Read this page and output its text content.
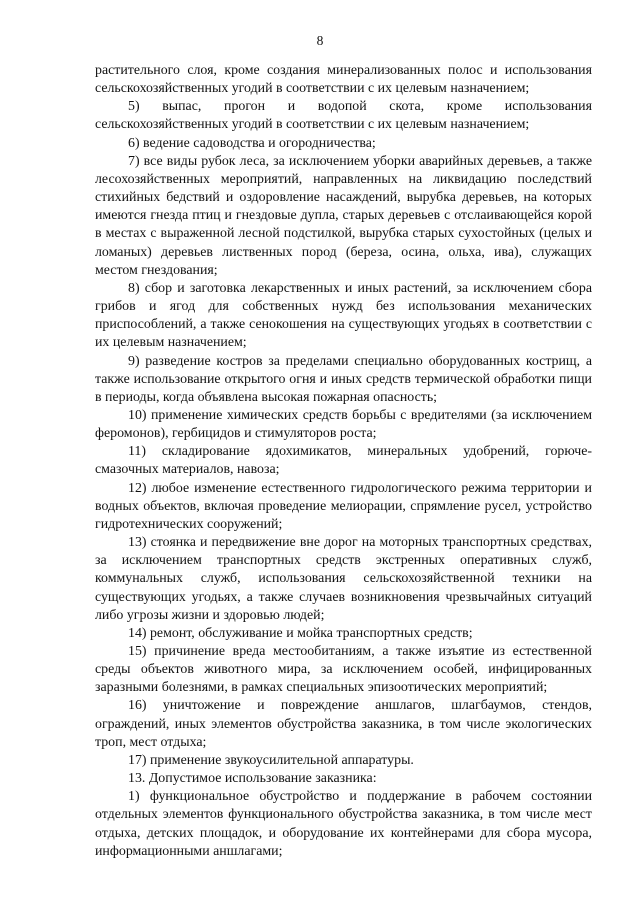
8

растительного слоя, кроме создания минерализованных полос и использования сельскохозяйственных угодий в соответствии с их целевым назначением;

5) выпас, прогон и водопой скота, кроме использования сельскохозяйственных угодий в соответствии с их целевым назначением;

6) ведение садоводства и огородничества;

7) все виды рубок леса, за исключением уборки аварийных деревьев, а также лесохозяйственных мероприятий, направленных на ликвидацию последствий стихийных бедствий и оздоровление насаждений, вырубка деревьев, на которых имеются гнезда птиц и гнездовые дупла, старых деревьев с отслаивающейся корой в местах с выраженной лесной подстилкой, вырубка старых сухостойных (целых и ломаных) деревьев лиственных пород (береза, осина, ольха, ива), служащих местом гнездования;

8) сбор и заготовка лекарственных и иных растений, за исключением сбора грибов и ягод для собственных нужд без использования механических приспособлений, а также сенокошения на существующих угодьях в соответствии с их целевым назначением;

9) разведение костров за пределами специально оборудованных кострищ, а также использование открытого огня и иных средств термической обработки пищи в периоды, когда объявлена высокая пожарная опасность;

10) применение химических средств борьбы с вредителями (за исключением феромонов), гербицидов и стимуляторов роста;

11) складирование ядохимикатов, минеральных удобрений, горюче-смазочных материалов, навоза;

12) любое изменение естественного гидрологического режима территории и водных объектов, включая проведение мелиорации, спрямление русел, устройство гидротехнических сооружений;

13) стоянка и передвижение вне дорог на моторных транспортных средствах, за исключением транспортных средств экстренных оперативных служб, коммунальных служб, использования сельскохозяйственной техники на существующих угодьях, а также случаев возникновения чрезвычайных ситуаций либо угрозы жизни и здоровью людей;

14) ремонт, обслуживание и мойка транспортных средств;

15) причинение вреда местообитаниям, а также изъятие из естественной среды объектов животного мира, за исключением особей, инфицированных заразными болезнями, в рамках специальных эпизоотических мероприятий;

16) уничтожение и повреждение аншлагов, шлагбаумов, стендов, ограждений, иных элементов обустройства заказника, в том числе экологических троп, мест отдыха;

17) применение звукоусилительной аппаратуры.

13. Допустимое использование заказника:

1) функциональное обустройство и поддержание в рабочем состоянии отдельных элементов функционального обустройства заказника, в том числе мест отдыха, детских площадок, и оборудование их контейнерами для сбора мусора, информационными аншлагами;
